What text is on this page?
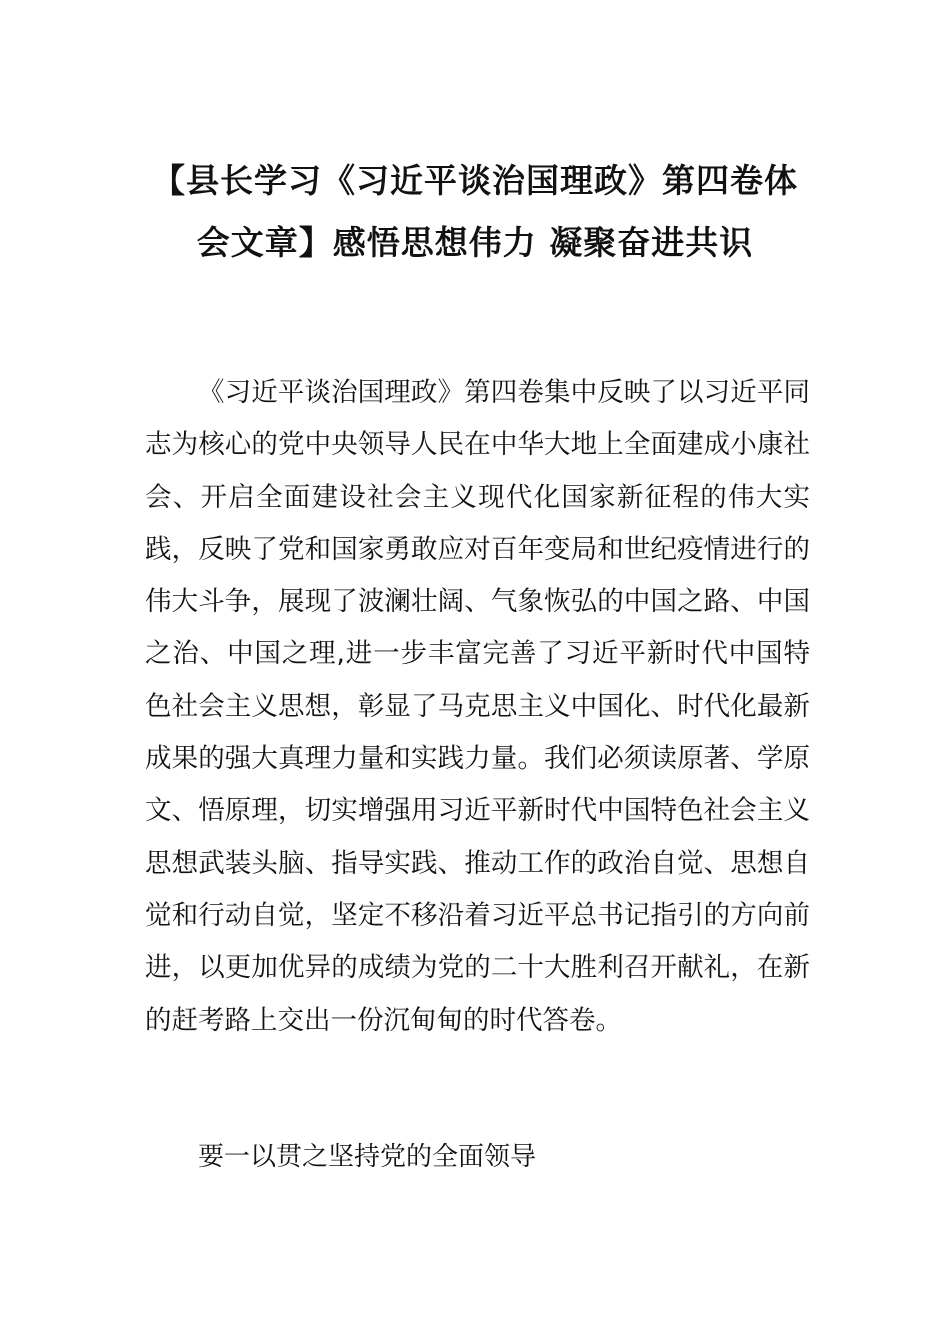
【县长学习《习近平谈治国理政》第四卷体
会文章】感悟思想伟力 凝聚奋进共识

《习近平谈治国理政》第四卷集中反映了以习近平同志为核心的党中央领导人民在中华大地上全面建成小康社会、开启全面建设社会主义现代化国家新征程的伟大实践，反映了党和国家勇敢应对百年变局和世纪疫情进行的伟大斗争，展现了波澜壮阔、气象恢弘的中国之路、中国之治、中国之理,进一步丰富完善了习近平新时代中国特色社会主义思想，彰显了马克思主义中国化、时代化最新成果的强大真理力量和实践力量。我们必须读原著、学原文、悟原理，切实增强用习近平新时代中国特色社会主义思想武装头脑、指导实践、推动工作的政治自觉、思想自觉和行动自觉，坚定不移沿着习近平总书记指引的方向前进，以更加优异的成绩为党的二十大胜利召开献礼，在新的赶考路上交出一份沉甸甸的时代答卷。

要一以贯之坚持党的全面领导
